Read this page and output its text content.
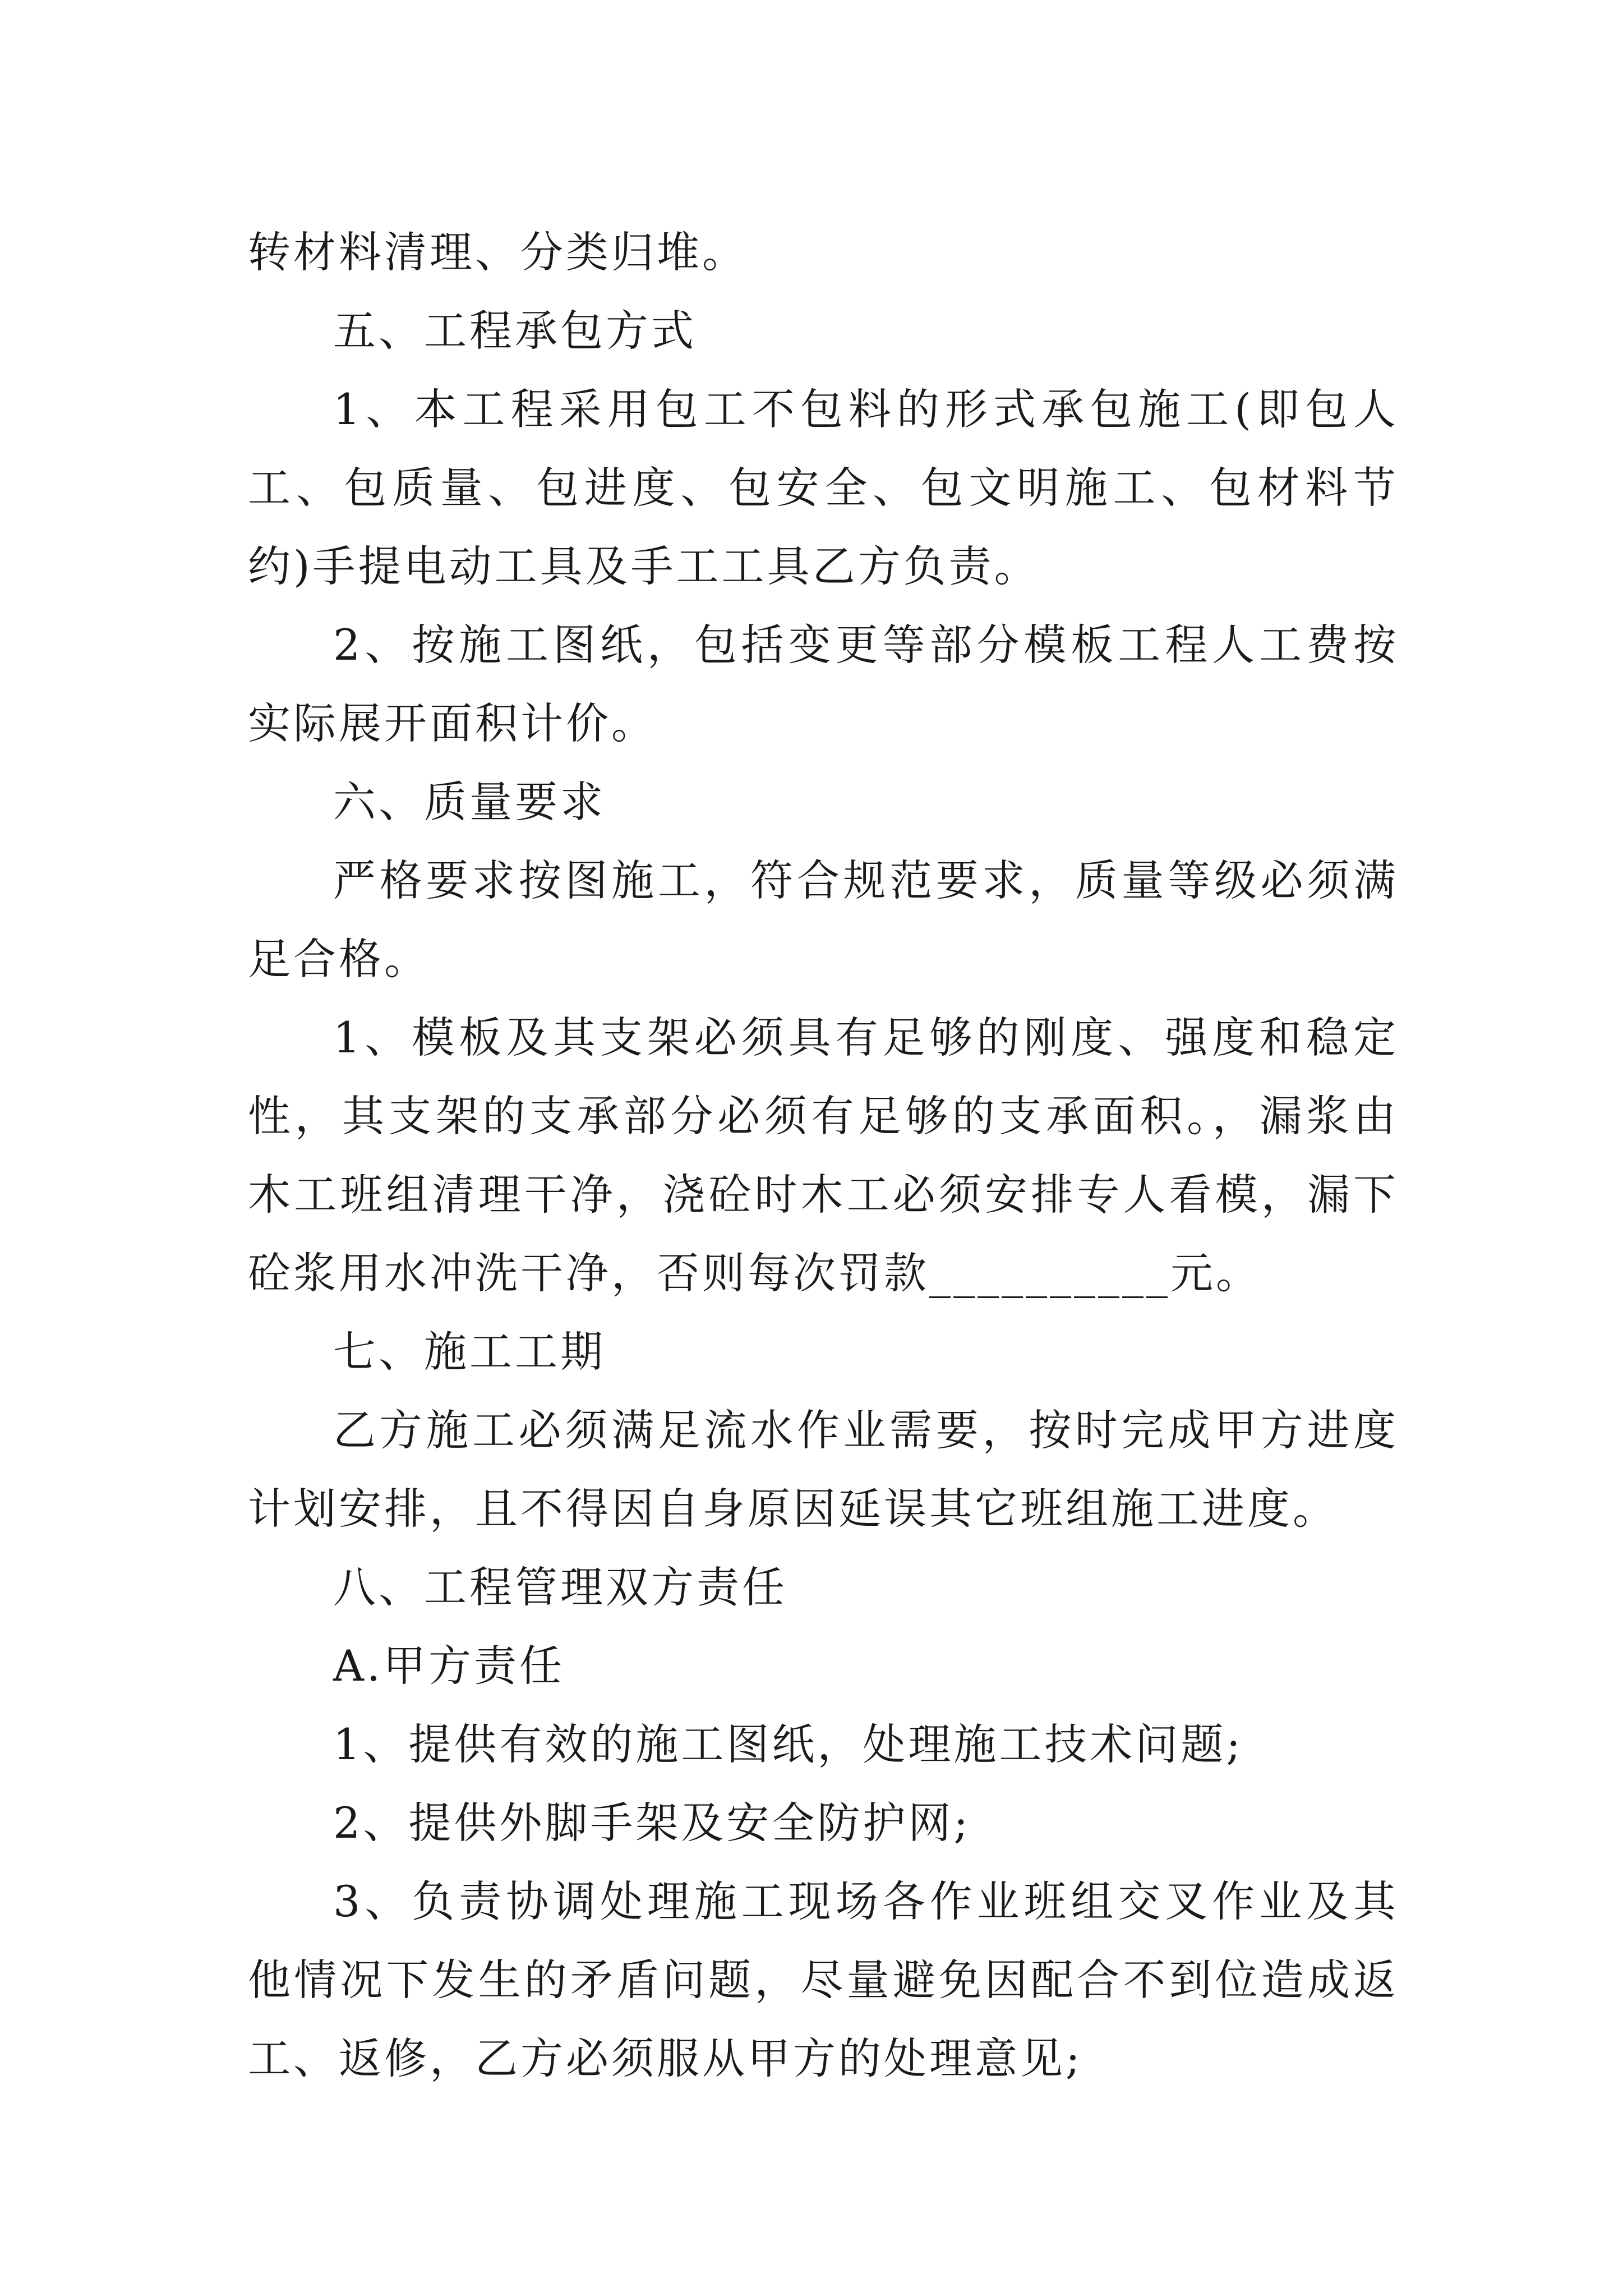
转材料清理、分类归堆。

五、工程承包方式

1、本工程采用包工不包料的形式承包施工(即包人工、包质量、包进度、包安全、包文明施工、包材料节约)手提电动工具及手工工具乙方负责。

2、按施工图纸，包括变更等部分模板工程人工费按实际展开面积计价。

六、质量要求

严格要求按图施工，符合规范要求，质量等级必须满足合格。

1、模板及其支架必须具有足够的刚度、强度和稳定性，其支架的支承部分必须有足够的支承面积。，漏浆由木工班组清理干净，浇砼时木工必须安排专人看模，漏下砼浆用水冲洗干净，否则每次罚款__________元。

七、施工工期

乙方施工必须满足流水作业需要，按时完成甲方进度计划安排，且不得因自身原因延误其它班组施工进度。

八、工程管理双方责任

A.甲方责任

1、提供有效的施工图纸，处理施工技术问题;

2、提供外脚手架及安全防护网;

3、负责协调处理施工现场各作业班组交叉作业及其他情况下发生的矛盾问题，尽量避免因配合不到位造成返工、返修，乙方必须服从甲方的处理意见;
